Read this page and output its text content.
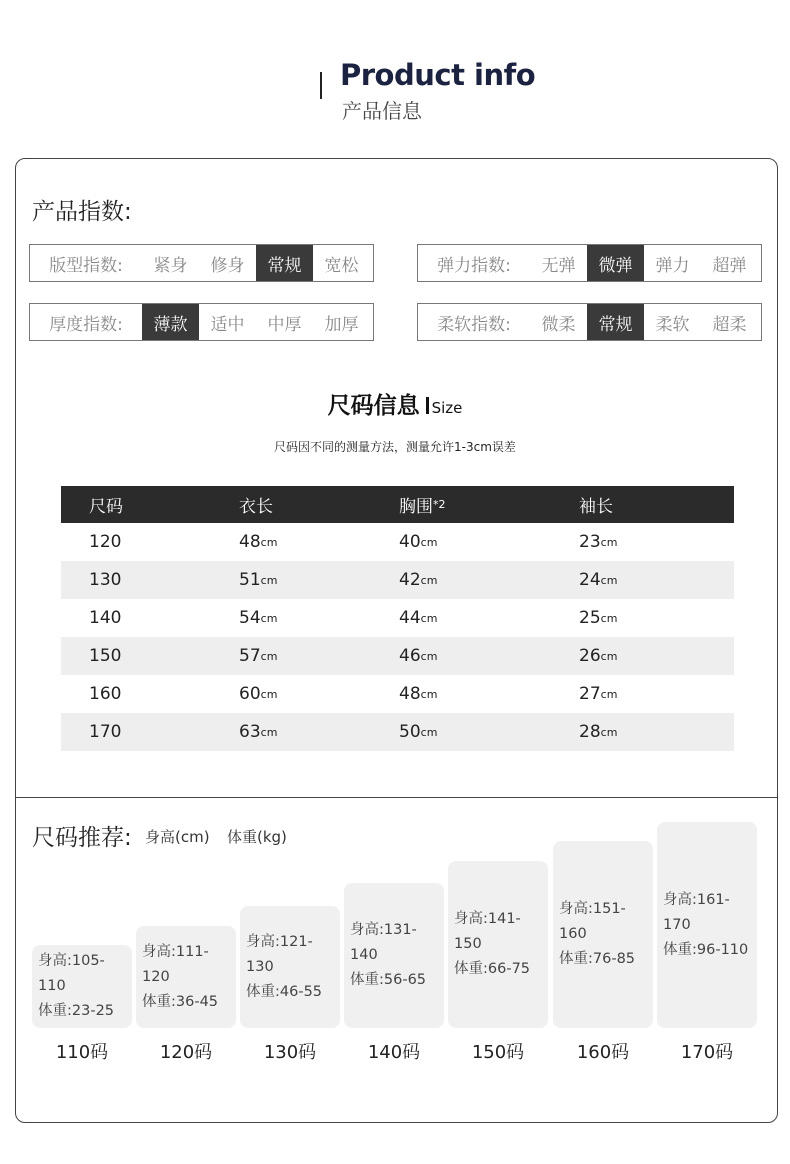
Product info
产品信息
产品指数:
版型指数:	紧身	修身	常规	宽松	弹力指数:	无弹	微弹	弹力	超弹
厚度指数:	薄款	适中	中厚	加厚	柔软指数:	微柔	常规	柔软	超柔
尺码信息 Size
尺码因不同的测量方法，测量允许1-3cm误差
尺码	衣长	胸围 *2	袖长
120	48 cm	40 cm	23 cm
130	51 cm	42 cm	24 cm
140	54 cm	44 cm	25 cm
150	57 cm	46 cm	26 cm
160	60 cm	48 cm	27 cm
170	63 cm	50 cm	28 cm
尺码推荐: 身高(cm) 体重(kg)
身高:105-110
体重:23-25
110码
身高:111-120
体重:36-45
120码
身高:121-130
体重:46-55
130码
身高:131-140
体重:56-65
140码
身高:141-150
体重:66-75
150码
身高:151-160
体重:76-85
160码
身高:161-170
体重:96-110
170码
